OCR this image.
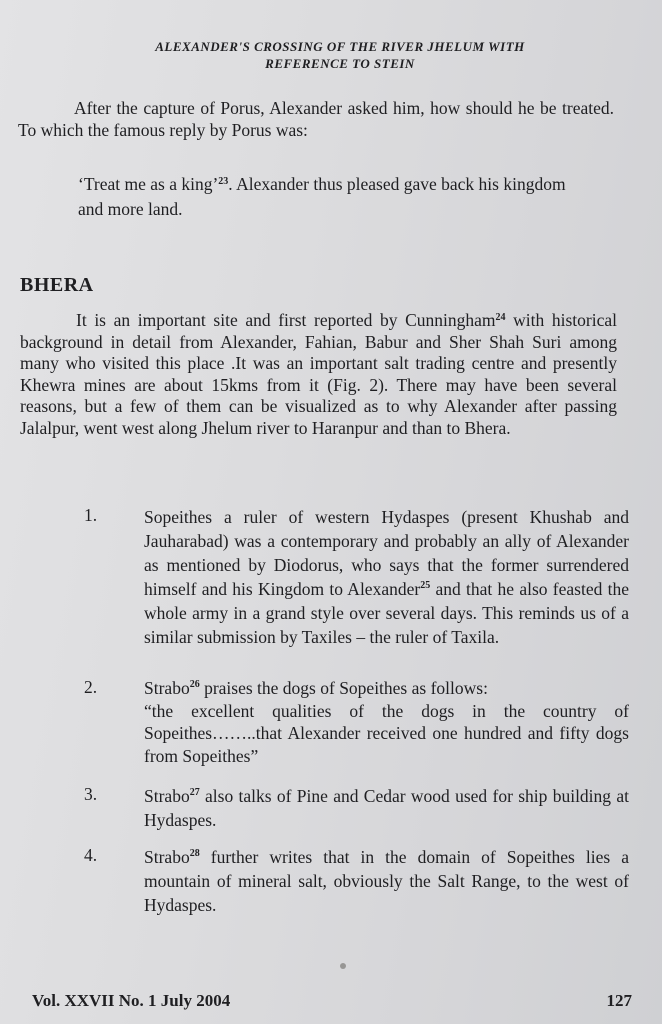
ALEXANDER'S CROSSING OF THE RIVER JHELUM WITH
REFERENCE TO STEIN
After the capture of Porus, Alexander asked him, how should he be treated. To which the famous reply by Porus was:
‘Treat me as a king’$^{23}$. Alexander thus pleased gave back his kingdom and more land.
BHERA
It is an important site and first reported by Cunningham$^{24}$ with historical background in detail from Alexander, Fahian, Babur and Sher Shah Suri among many who visited this place .It was an important salt trading centre and presently Khewra mines are about 15kms from it (Fig. 2). There may have been several reasons, but a few of them can be visualized as to why Alexander after passing Jalalpur, went west along Jhelum river to Haranpur and than to Bhera.
1.	Sopeithes a ruler of western Hydaspes (present Khushab and Jauharabad) was a contemporary and probably an ally of Alexander as mentioned by Diodorus, who says that the former surrendered himself and his Kingdom to Alexander$^{25}$ and that he also feasted the whole army in a grand style over several days. This reminds us of a similar submission by Taxiles – the ruler of Taxila.
2.	Strabo$^{26}$ praises the dogs of Sopeithes as follows:
“the excellent qualities of the dogs in the country of Sopeithes……..that Alexander received one hundred and fifty dogs from Sopeithes”
3.	Strabo$^{27}$ also talks of Pine and Cedar wood used for ship building at Hydaspes.
4.	Strabo$^{28}$ further writes that in the domain of Sopeithes lies a mountain of mineral salt, obviously the Salt Range, to the west of Hydaspes.
Vol. XXVII No. 1 July 2004	127
